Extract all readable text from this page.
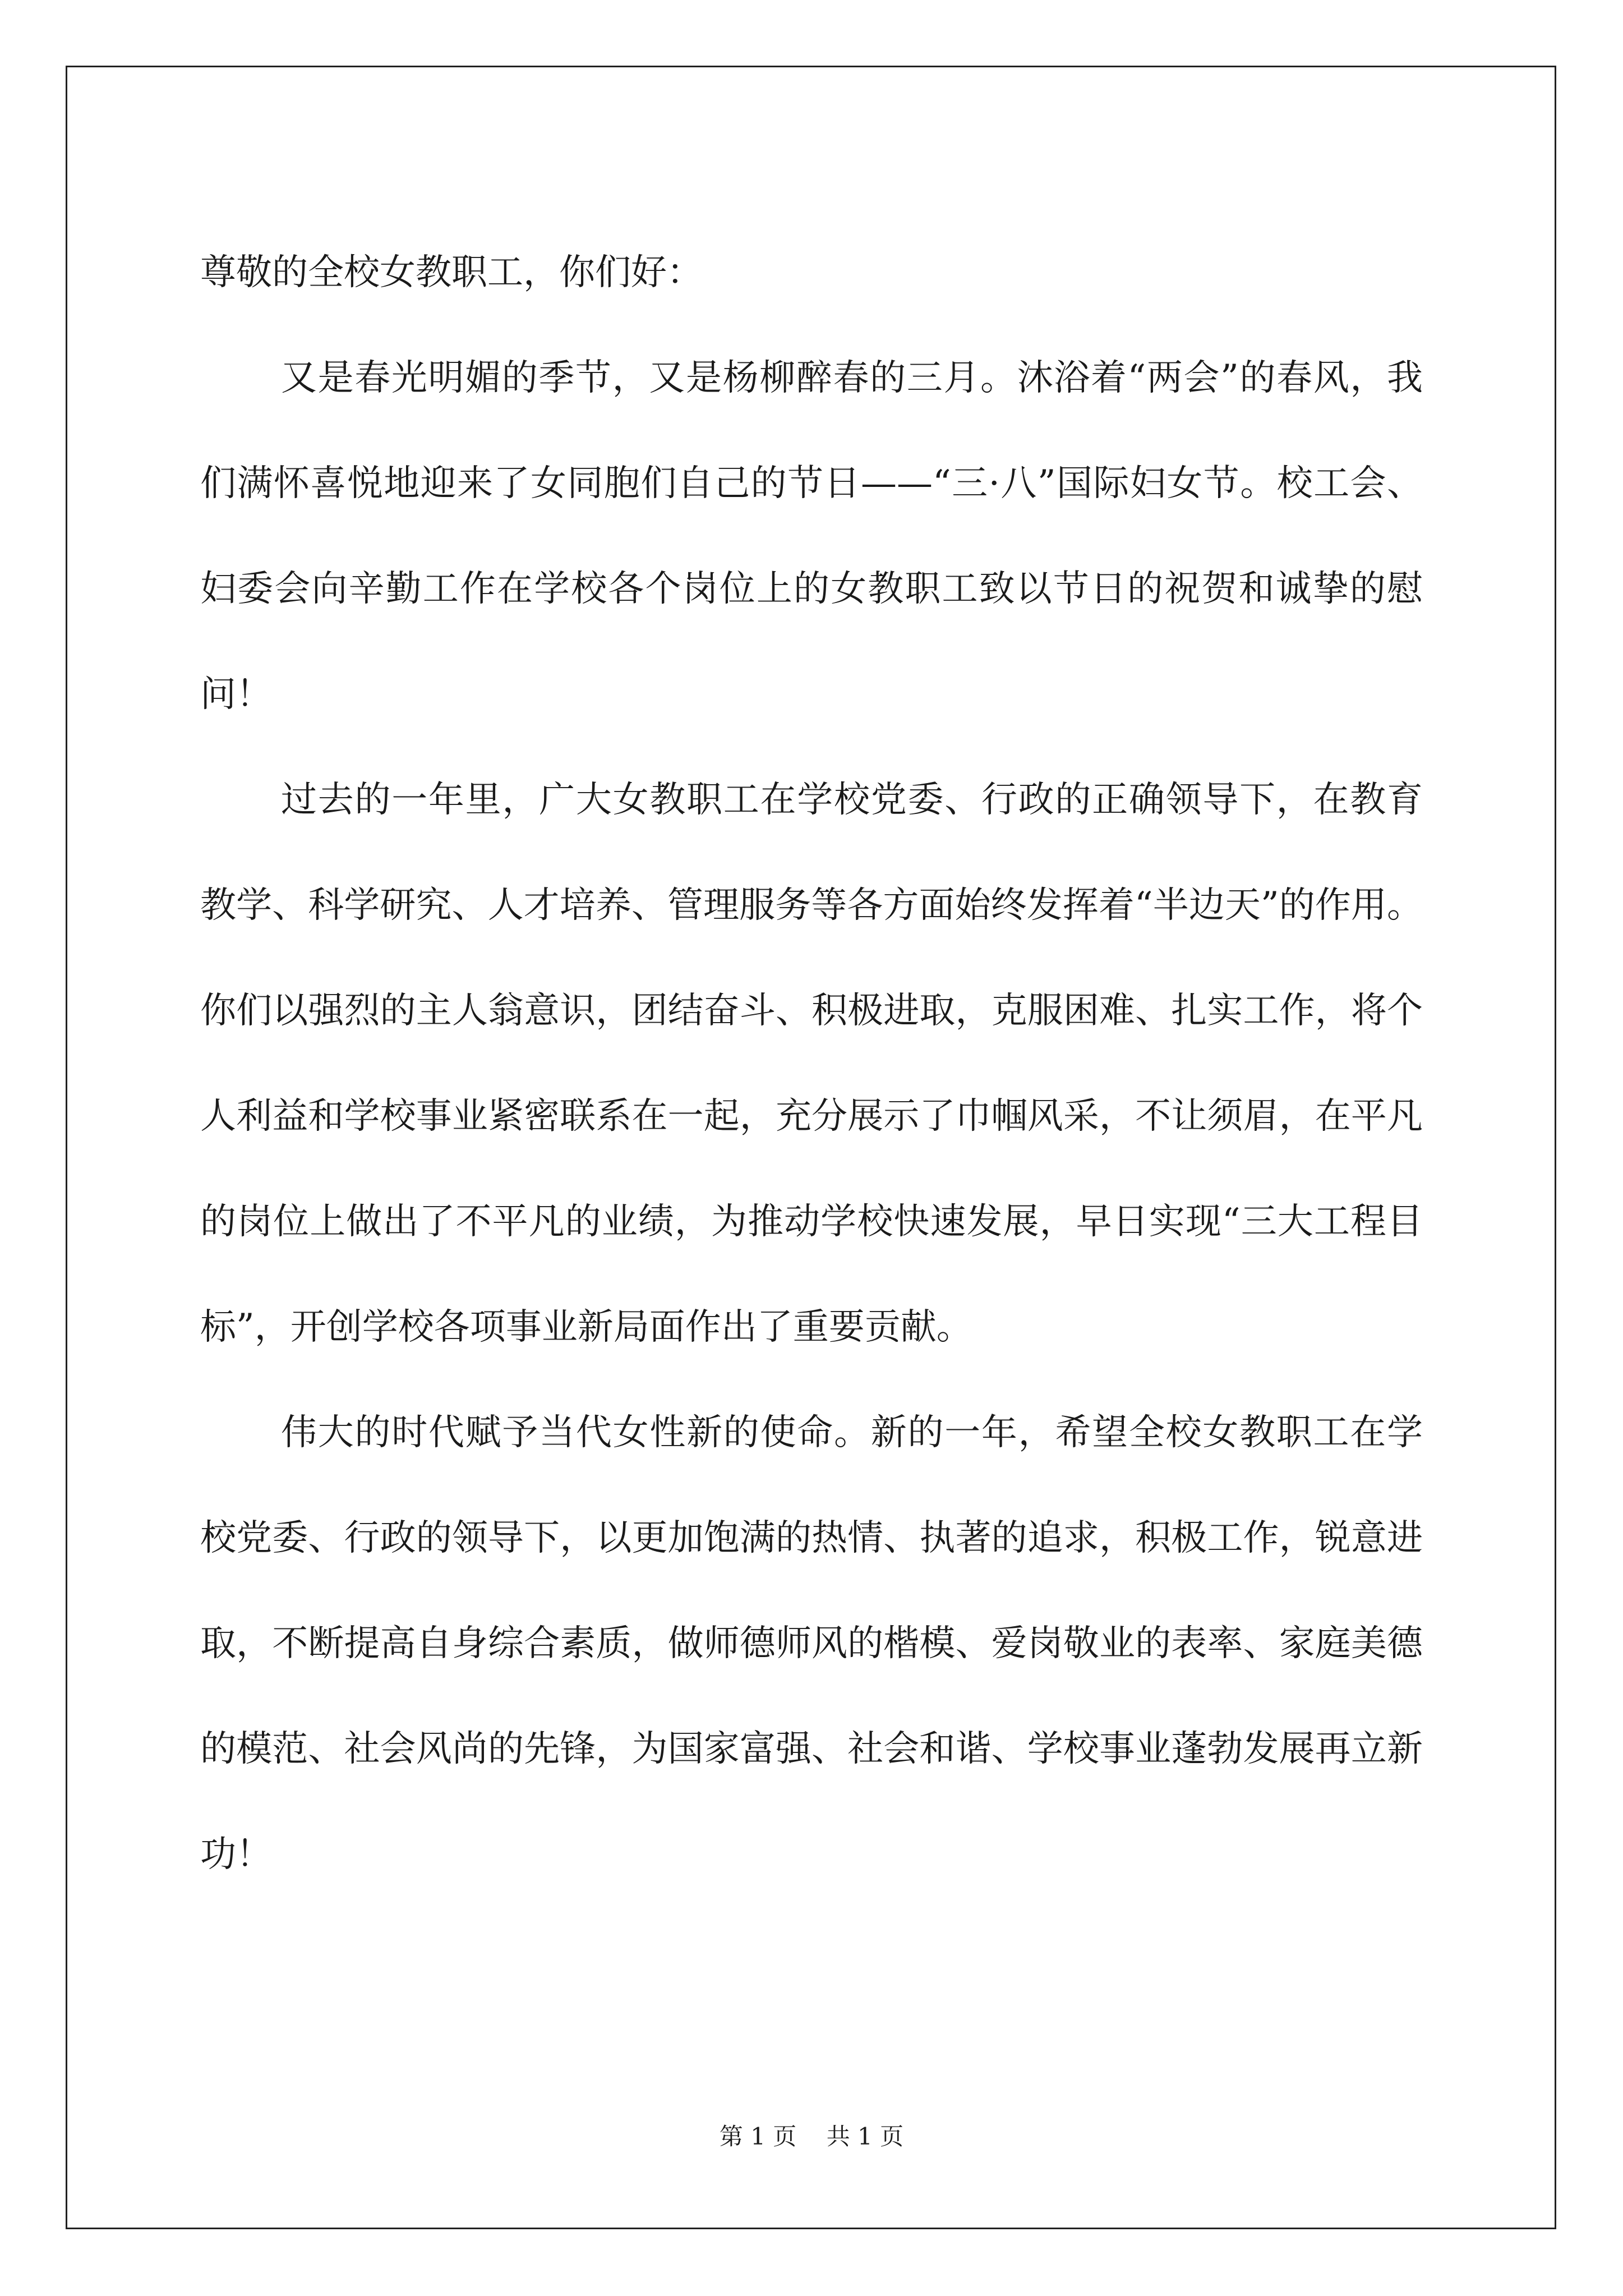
尊敬的全校女教职工，你们好：

又是春光明媚的季节，又是杨柳醉春的三月。沐浴着“两会”的春风，我们满怀喜悦地迎来了女同胞们自己的节日——“三·八”国际妇女节。校工会、妇委会向辛勤工作在学校各个岗位上的女教职工致以节日的祝贺和诚挚的慰问！

过去的一年里，广大女教职工在学校党委、行政的正确领导下，在教育教学、科学研究、人才培养、管理服务等各方面始终发挥着“半边天”的作用。你们以强烈的主人翁意识，团结奋斗、积极进取，克服困难、扎实工作，将个人利益和学校事业紧密联系在一起，充分展示了巾帼风采，不让须眉，在平凡的岗位上做出了不平凡的业绩，为推动学校快速发展，早日实现“三大工程目标”，开创学校各项事业新局面作出了重要贡献。

伟大的时代赋予当代女性新的使命。新的一年，希望全校女教职工在学校党委、行政的领导下，以更加饱满的热情、执著的追求，积极工作，锐意进取，不断提高自身综合素质，做师德师风的楷模、爱岗敬业的表率、家庭美德的模范、社会风尚的先锋，为国家富强、社会和谐、学校事业蓬勃发展再立新功！

第 1 页    共 1 页
